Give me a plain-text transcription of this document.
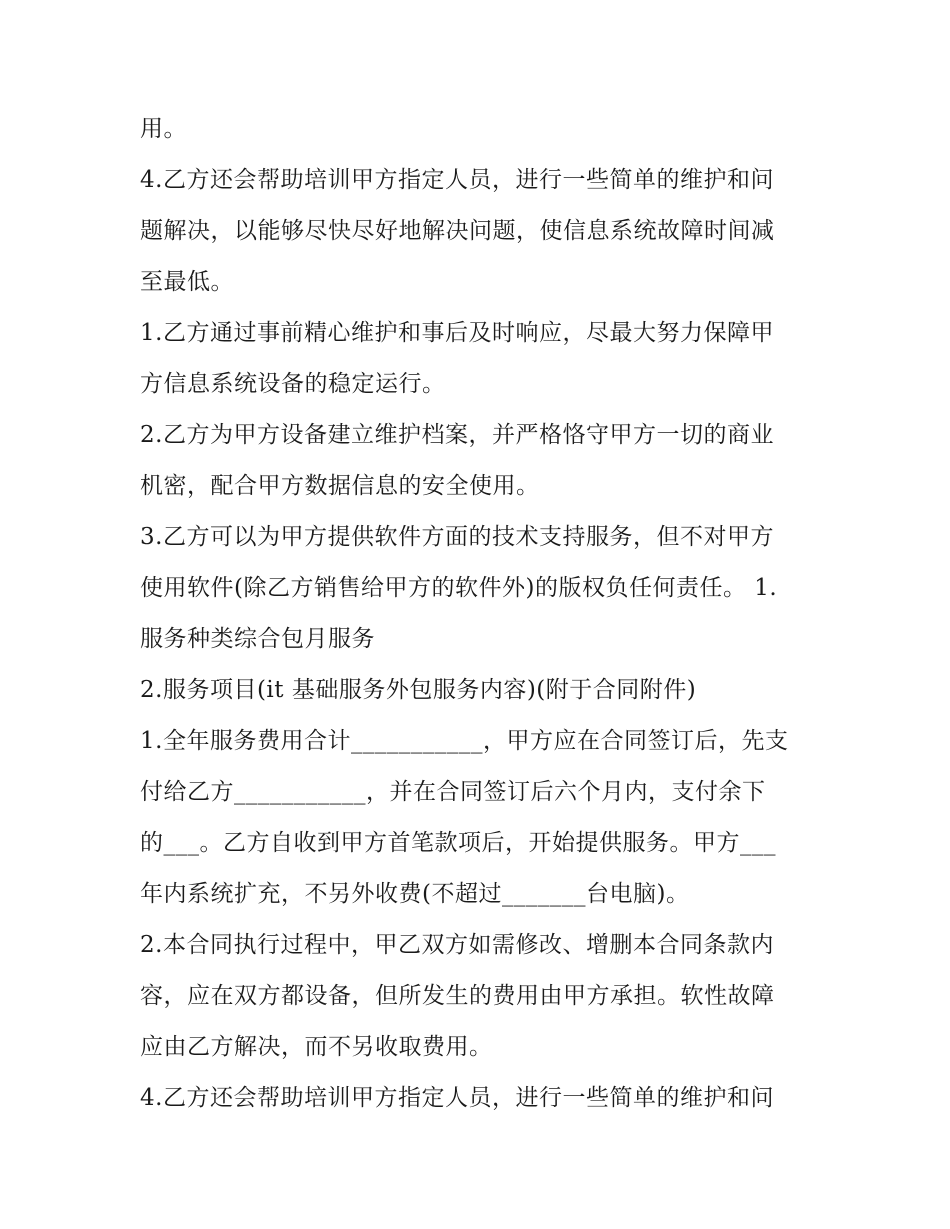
用。
4.乙方还会帮助培训甲方指定人员，进行一些简单的维护和问
题解决，以能够尽快尽好地解决问题，使信息系统故障时间减
至最低。
1.乙方通过事前精心维护和事后及时响应，尽最大努力保障甲
方信息系统设备的稳定运行。
2.乙方为甲方设备建立维护档案，并严格恪守甲方一切的商业
机密，配合甲方数据信息的安全使用。
3.乙方可以为甲方提供软件方面的技术支持服务，但不对甲方
使用软件(除乙方销售给甲方的软件外)的版权负任何责任。 1.
服务种类综合包月服务
2.服务项目(it 基础服务外包服务内容)(附于合同附件)
1.全年服务费用合计___________，甲方应在合同签订后，先支
付给乙方___________，并在合同签订后六个月内，支付余下
的___。乙方自收到甲方首笔款项后，开始提供服务。甲方___
年内系统扩充，不另外收费(不超过_______台电脑)。
2.本合同执行过程中，甲乙双方如需修改、增删本合同条款内
容，应在双方都设备，但所发生的费用由甲方承担。软性故障
应由乙方解决，而不另收取费用。
4.乙方还会帮助培训甲方指定人员，进行一些简单的维护和问
